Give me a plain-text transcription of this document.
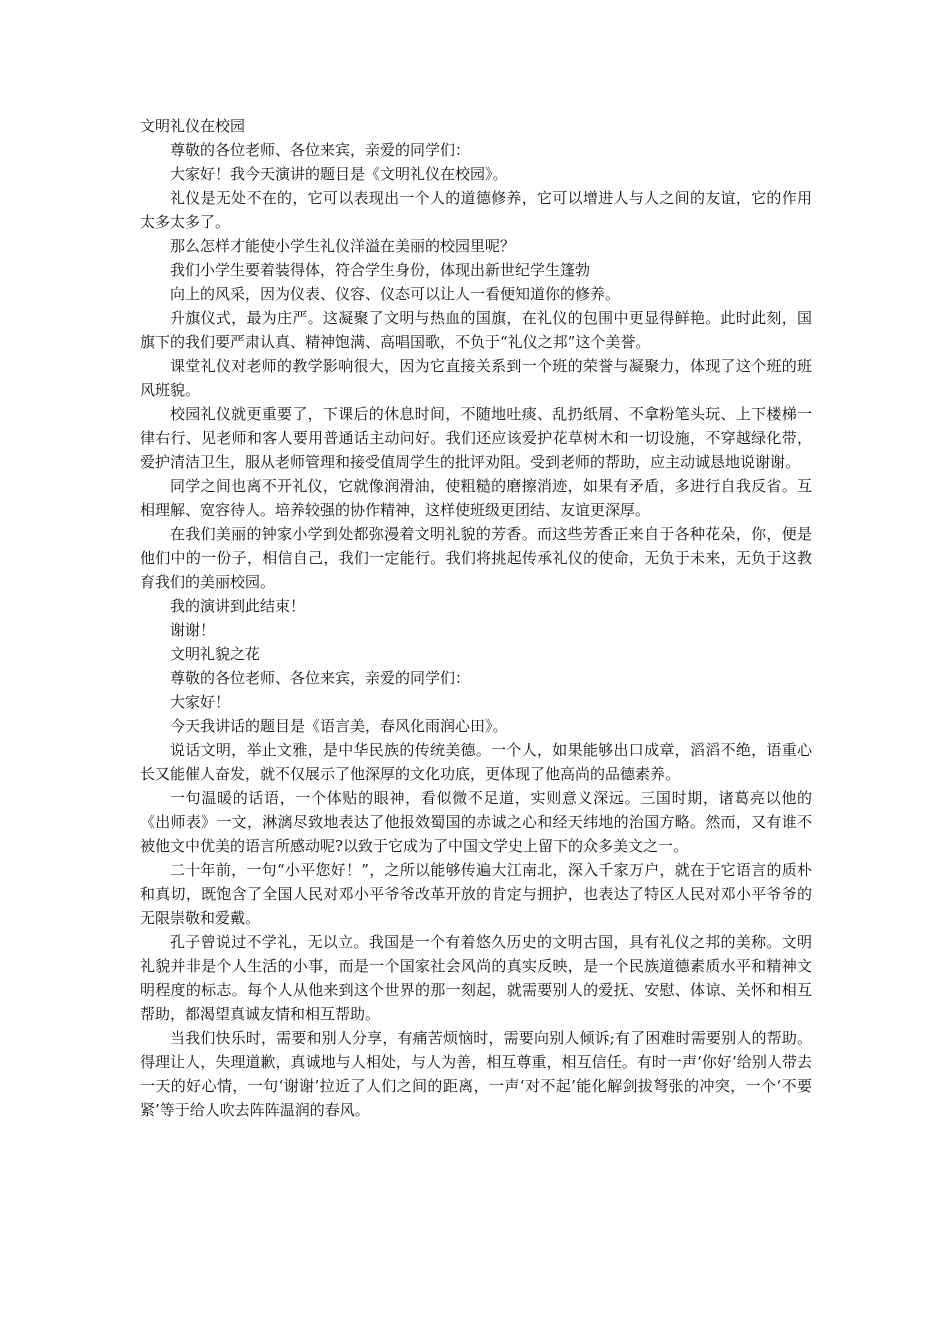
文明礼仪在校园

尊敬的各位老师、各位来宾，亲爱的同学们：

大家好！我今天演讲的题目是《文明礼仪在校园》。

礼仪是无处不在的，它可以表现出一个人的道德修养，它可以增进人与人之间的友谊，它的作用太多太多了。

那么怎样才能使小学生礼仪洋溢在美丽的校园里呢？

我们小学生要着装得体，符合学生身份，体现出新世纪学生篷勃

向上的风采，因为仪表、仪容、仪态可以让人一看便知道你的修养。

升旗仪式，最为庄严。这凝聚了文明与热血的国旗，在礼仪的包围中更显得鲜艳。此时此刻，国旗下的我们要严肃认真、精神饱满、高唱国歌，不负于“礼仪之邦”这个美誉。

课堂礼仪对老师的教学影响很大，因为它直接关系到一个班的荣誉与凝聚力，体现了这个班的班风班貌。

校园礼仪就更重要了，下课后的休息时间，不随地吐痰、乱扔纸屑、不拿粉笔头玩、上下楼梯一律右行、见老师和客人要用普通话主动问好。我们还应该爱护花草树木和一切设施，不穿越绿化带，爱护清洁卫生，服从老师管理和接受值周学生的批评劝阻。受到老师的帮助，应主动诚恳地说谢谢。

同学之间也离不开礼仪，它就像润滑油，使粗糙的磨擦消迹，如果有矛盾，多进行自我反省。互相理解、宽容待人。培养较强的协作精神，这样使班级更团结、友谊更深厚。

在我们美丽的钟家小学到处都弥漫着文明礼貌的芳香。而这些芳香正来自于各种花朵，你，便是他们中的一份子，相信自己，我们一定能行。我们将挑起传承礼仪的使命，无负于未来，无负于这教育我们的美丽校园。

我的演讲到此结束！

谢谢！

文明礼貌之花

尊敬的各位老师、各位来宾，亲爱的同学们：

大家好！

今天我讲话的题目是《语言美，春风化雨润心田》。

说话文明，举止文雅，是中华民族的传统美德。一个人，如果能够出口成章，滔滔不绝，语重心长又能催人奋发，就不仅展示了他深厚的文化功底，更体现了他高尚的品德素养。

一句温暖的话语，一个体贴的眼神，看似微不足道，实则意义深远。三国时期，诸葛亮以他的《出师表》一文，淋漓尽致地表达了他报效蜀国的赤诚之心和经天纬地的治国方略。然而，又有谁不被他文中优美的语言所感动呢?以致于它成为了中国文学史上留下的众多美文之一。

二十年前，一句“小平您好！”，之所以能够传遍大江南北，深入千家万户，就在于它语言的质朴和真切，既饱含了全国人民对邓小平爷爷改革开放的肯定与拥护，也表达了特区人民对邓小平爷爷的无限崇敬和爱戴。

孔子曾说过不学礼，无以立。我国是一个有着悠久历史的文明古国，具有礼仪之邦的美称。文明礼貌并非是个人生活的小事，而是一个国家社会风尚的真实反映，是一个民族道德素质水平和精神文明程度的标志。每个人从他来到这个世界的那一刻起，就需要别人的爱抚、安慰、体谅、关怀和相互帮助，都渴望真诚友情和相互帮助。

当我们快乐时，需要和别人分享，有痛苦烦恼时，需要向别人倾诉;有了困难时需要别人的帮助。得理让人，失理道歉，真诚地与人相处，与人为善，相互尊重，相互信任。有时一声‘你好’给别人带去一天的好心情，一句‘谢谢’拉近了人们之间的距离，一声‘对不起’能化解剑拔弩张的冲突，一个‘不要紧’等于给人吹去阵阵温润的春风。
